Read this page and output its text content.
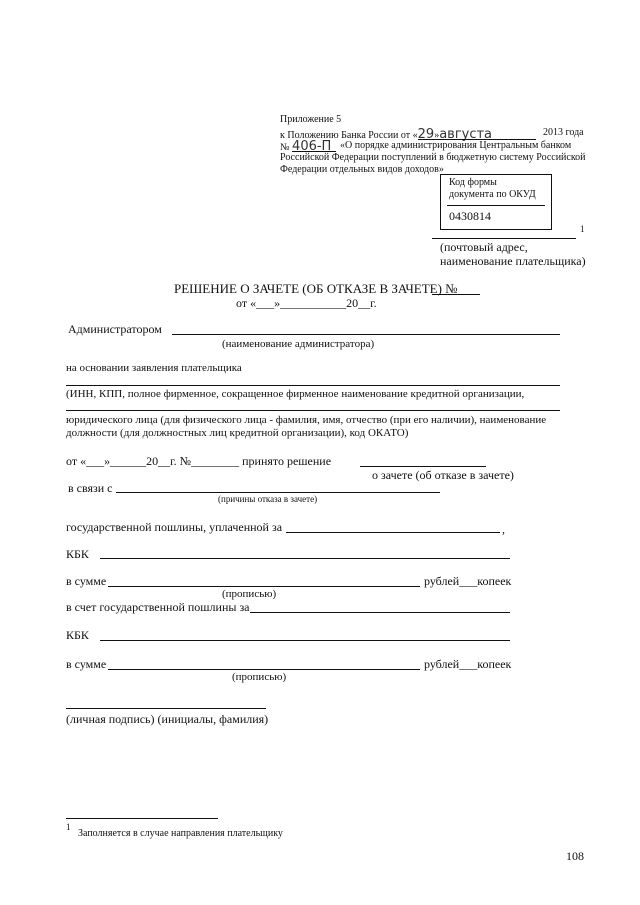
Приложение 5
к Положению Банка России от «29»августа	2013 года
№ 406-П «О порядке администрирования Центральным банком
Российской Федерации поступлений в бюджетную систему Российской
Федерации отдельных видов доходов»
Код формы
документа по ОКУД
0430814
1
(почтовый адрес,
наименование плательщика)
РЕШЕНИЕ О ЗАЧЕТЕ (ОБ ОТКАЗЕ В ЗАЧЕТЕ) №
от «___»___________20__г.
Администратором
(наименование администратора)
на основании заявления плательщика
(ИНН, КПП, полное фирменное, сокращенное фирменное наименование кредитной организации,
юридического лица (для физического лица - фамилия, имя, отчество (при его наличии), наименование
должности (для должностных лиц кредитной организации), код ОКАТО)
от «___»______20__г. №________ принято решение
о зачете (об отказе в зачете)
в связи с
(причины отказа в зачете)
государственной пошлины, уплаченной за	,
КБК
в сумме	рублей___копеек
(прописью)
в счет государственной пошлины за
КБК
в сумме	рублей___копеек
(прописью)
(личная подпись) (инициалы, фамилия)
1
Заполняется в случае направления плательщику
108
